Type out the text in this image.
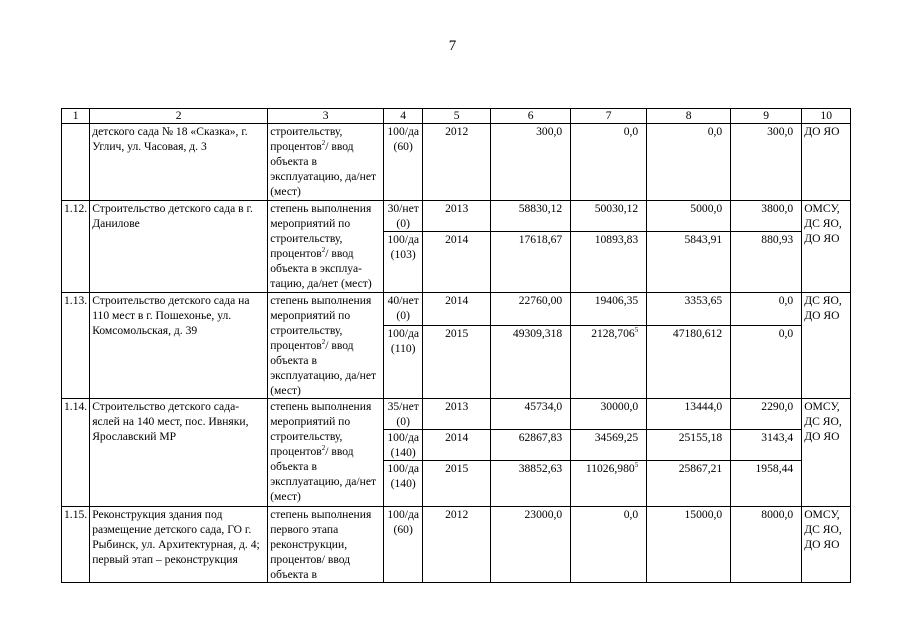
7
1	2	3	4	5	6	7	8	9	10
	детского сада № 18 «Сказка», г. Углич, ул. Часовая, д. 3	строительству, процентов$^2$/ ввод объекта в эксплуатацию, да/нет (мест)	100/да (60)	2012	300,0	0,0	0,0	300,0	ДО ЯО
1.12.	Строительство детского сада в г. Данилове	степень выполнения мероприятий по строительству, процентов$^2$/ ввод объекта в эксплуа-тацию, да/нет (мест)	30/нет (0)	2013	58830,12	50030,12	5000,0	3800,0	ОМСУ, ДС ЯО, ДО ЯО
			100/да (103)	2014	17618,67	10893,83	5843,91	880,93	
1.13.	Строительство детского сада на 110 мест в г. Пошехонье, ул. Комсомольская, д. 39	степень выполнения мероприятий по строительству, процентов$^2$/ ввод объекта в эксплуатацию, да/нет (мест)	40/нет (0)	2014	22760,00	19406,35	3353,65	0,0	ДС ЯО, ДО ЯО
			100/да (110)	2015	49309,318	2128,706$^5$	47180,612	0,0	
1.14.	Строительство детского сада-яслей на 140 мест, пос. Ивняки, Ярославский МР	степень выполнения мероприятий по строительству, процентов$^2$/ ввод объекта в эксплуатацию, да/нет (мест)	35/нет (0)	2013	45734,0	30000,0	13444,0	2290,0	ОМСУ, ДС ЯО, ДО ЯО
			100/да (140)	2014	62867,83	34569,25	25155,18	3143,4	
			100/да (140)	2015	38852,63	11026,980$^5$	25867,21	1958,44	
1.15.	Реконструкция здания под размещение детского сада, ГО г. Рыбинск, ул. Архитектурная, д. 4; первый этап – реконструкция	степень выполнения первого этапа реконструкции, процентов/ ввод объекта в	100/да (60)	2012	23000,0	0,0	15000,0	8000,0	ОМСУ, ДС ЯО, ДО ЯО
